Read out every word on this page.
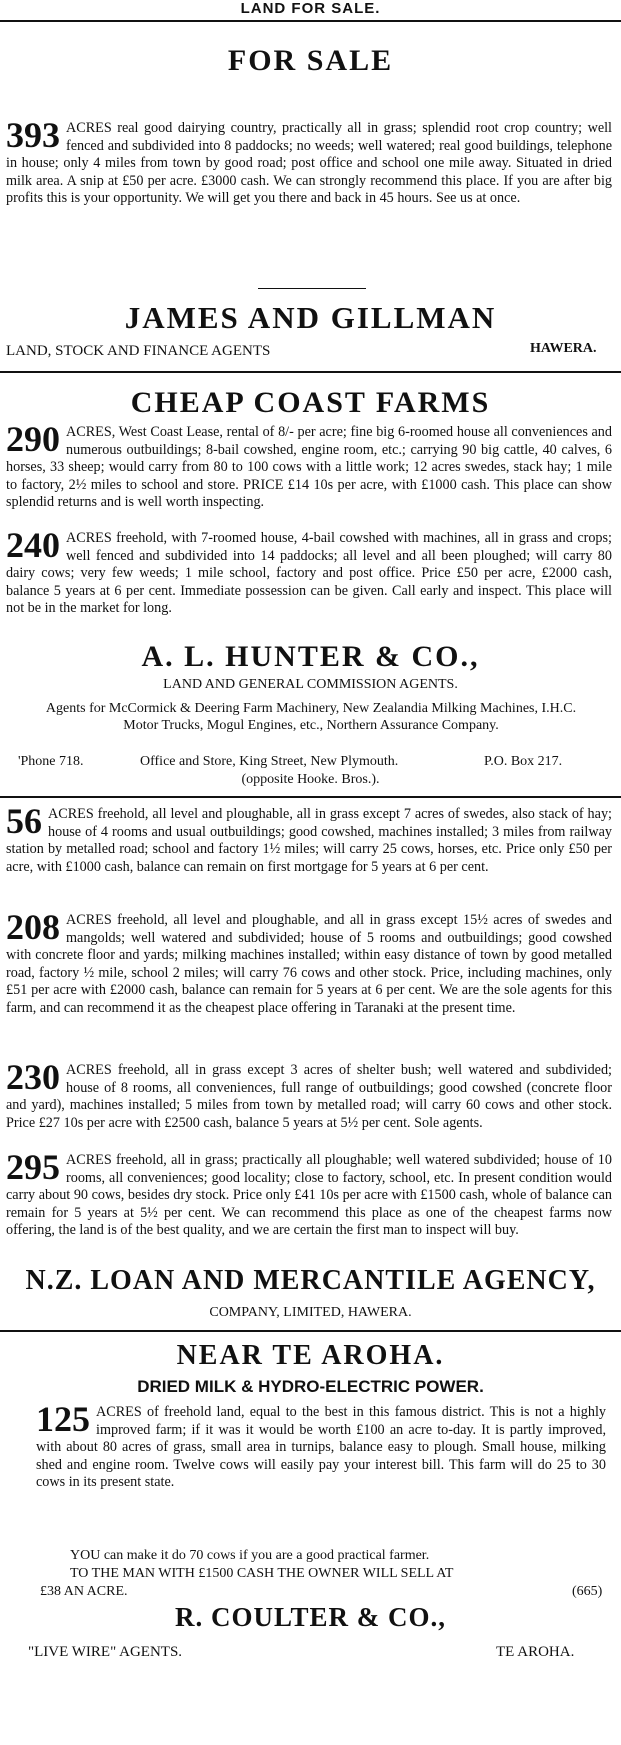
LAND FOR SALE.
FOR SALE
393 ACRES real good dairying country, practically all in grass; splendid root crop country; well fenced and subdivided into 8 paddocks; no weeds; well watered; real good buildings, telephone in house; only 4 miles from town by good road; post office and school one mile away. Situated in dried milk area. A snip at £50 per acre. £3000 cash. We can strongly recommend this place. If you are after big profits this is your opportunity. We will get you there and back in 45 hours. See us at once.
JAMES AND GILLMAN
LAND, STOCK AND FINANCE AGENTS	HAWERA.
CHEAP COAST FARMS
290 ACRES, West Coast Lease, rental of 8/- per acre; fine big 6-roomed house all conveniences and numerous outbuildings; 8-bail cowshed, engine room, etc.; carrying 90 big cattle, 40 calves, 6 horses, 33 sheep; would carry from 80 to 100 cows with a little work; 12 acres swedes, stack hay; 1 mile to factory, 2½ miles to school and store. PRICE £14 10s per acre, with £1000 cash. This place can show splendid returns and is well worth inspecting.
240 ACRES freehold, with 7-roomed house, 4-bail cowshed with machines, all in grass and crops; well fenced and subdivided into 14 paddocks; all level and all been ploughed; will carry 80 dairy cows; very few weeds; 1 mile school, factory and post office. Price £50 per acre, £2000 cash, balance 5 years at 6 per cent. Immediate possession can be given. Call early and inspect. This place will not be in the market for long.
A. L. HUNTER & CO.,
LAND AND GENERAL COMMISSION AGENTS.
Agents for McCormick & Deering Farm Machinery, New Zealandia Milking Machines, I.H.C. Motor Trucks, Mogul Engines, etc., Northern Assurance Company.
'Phone 718.	Office and Store, King Street, New Plymouth.	P.O. Box 217.
(opposite Hooke. Bros.).
56 ACRES freehold, all level and ploughable, all in grass except 7 acres of swedes, also stack of hay; house of 4 rooms and usual outbuildings; good cowshed, machines installed; 3 miles from railway station by metalled road; school and factory 1½ miles; will carry 25 cows, horses, etc. Price only £50 per acre, with £1000 cash, balance can remain on first mortgage for 5 years at 6 per cent.
208 ACRES freehold, all level and ploughable, and all in grass except 15½ acres of swedes and mangolds; well watered and subdivided; house of 5 rooms and outbuildings; good cowshed with concrete floor and yards; milking machines installed; within easy distance of town by good metalled road, factory ½ mile, school 2 miles; will carry 76 cows and other stock. Price, including machines, only £51 per acre with £2000 cash, balance can remain for 5 years at 6 per cent. We are the sole agents for this farm, and can recommend it as the cheapest place offering in Taranaki at the present time.
230 ACRES freehold, all in grass except 3 acres of shelter bush; well watered and subdivided; house of 8 rooms, all conveniences, full range of outbuildings; good cowshed (concrete floor and yard), machines installed; 5 miles from town by metalled road; will carry 60 cows and other stock. Price £27 10s per acre with £2500 cash, balance 5 years at 5½ per cent. Sole agents.
295 ACRES freehold, all in grass; practically all ploughable; well watered subdivided; house of 10 rooms, all conveniences; good locality; close to factory, school, etc. In present condition would carry about 90 cows, besides dry stock. Price only £41 10s per acre with £1500 cash, whole of balance can remain for 5 years at 5½ per cent. We can recommend this place as one of the cheapest farms now offering, the land is of the best quality, and we are certain the first man to inspect will buy.
N.Z. LOAN AND MERCANTILE AGENCY,
COMPANY, LIMITED, HAWERA.
NEAR TE AROHA.
DRIED MILK & HYDRO-ELECTRIC POWER.
125 ACRES of freehold land, equal to the best in this famous district. This is not a highly improved farm; if it was it would be worth £100 an acre to-day. It is partly improved, with about 80 acres of grass, small area in turnips, balance easy to plough. Small house, milking shed and engine room. Twelve cows will easily pay your interest bill. This farm will do 25 to 30 cows in its present state.
YOU can make it do 70 cows if you are a good practical farmer.
TO THE MAN WITH £1500 CASH THE OWNER WILL SELL AT
£38 AN ACRE.	(665)
R. COULTER & CO.,
"LIVE WIRE" AGENTS.	TE AROHA.
